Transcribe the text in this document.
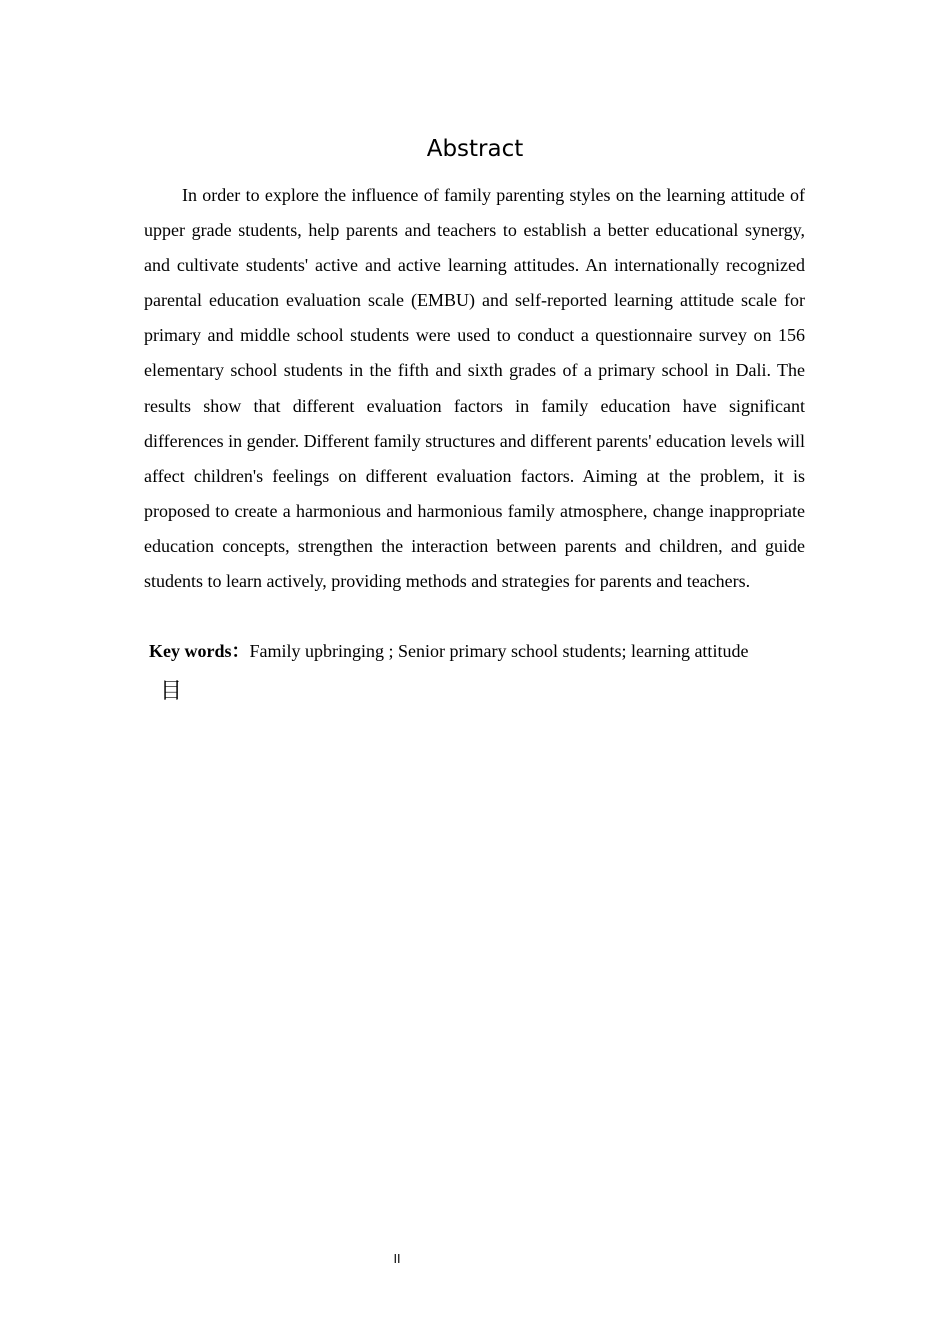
Abstract

In order to explore the influence of family parenting styles on the learning attitude of upper grade students, help parents and teachers to establish a better educational synergy, and cultivate students' active and active learning attitudes. An internationally recognized parental education evaluation scale (EMBU) and self-reported learning attitude scale for primary and middle school students were used to conduct a questionnaire survey on 156 elementary school students in the fifth and sixth grades of a primary school in Dali. The results show that different evaluation factors in family education have significant differences in gender. Different family structures and different parents' education levels will affect children's feelings on different evaluation factors. Aiming at the problem, it is proposed to create a harmonious and harmonious family atmosphere, change inappropriate education concepts, strengthen the interaction between parents and children, and guide students to learn actively, providing methods and strategies for parents and teachers.

Key words：Family upbringing ; Senior primary school students; learning attitude

目
II
